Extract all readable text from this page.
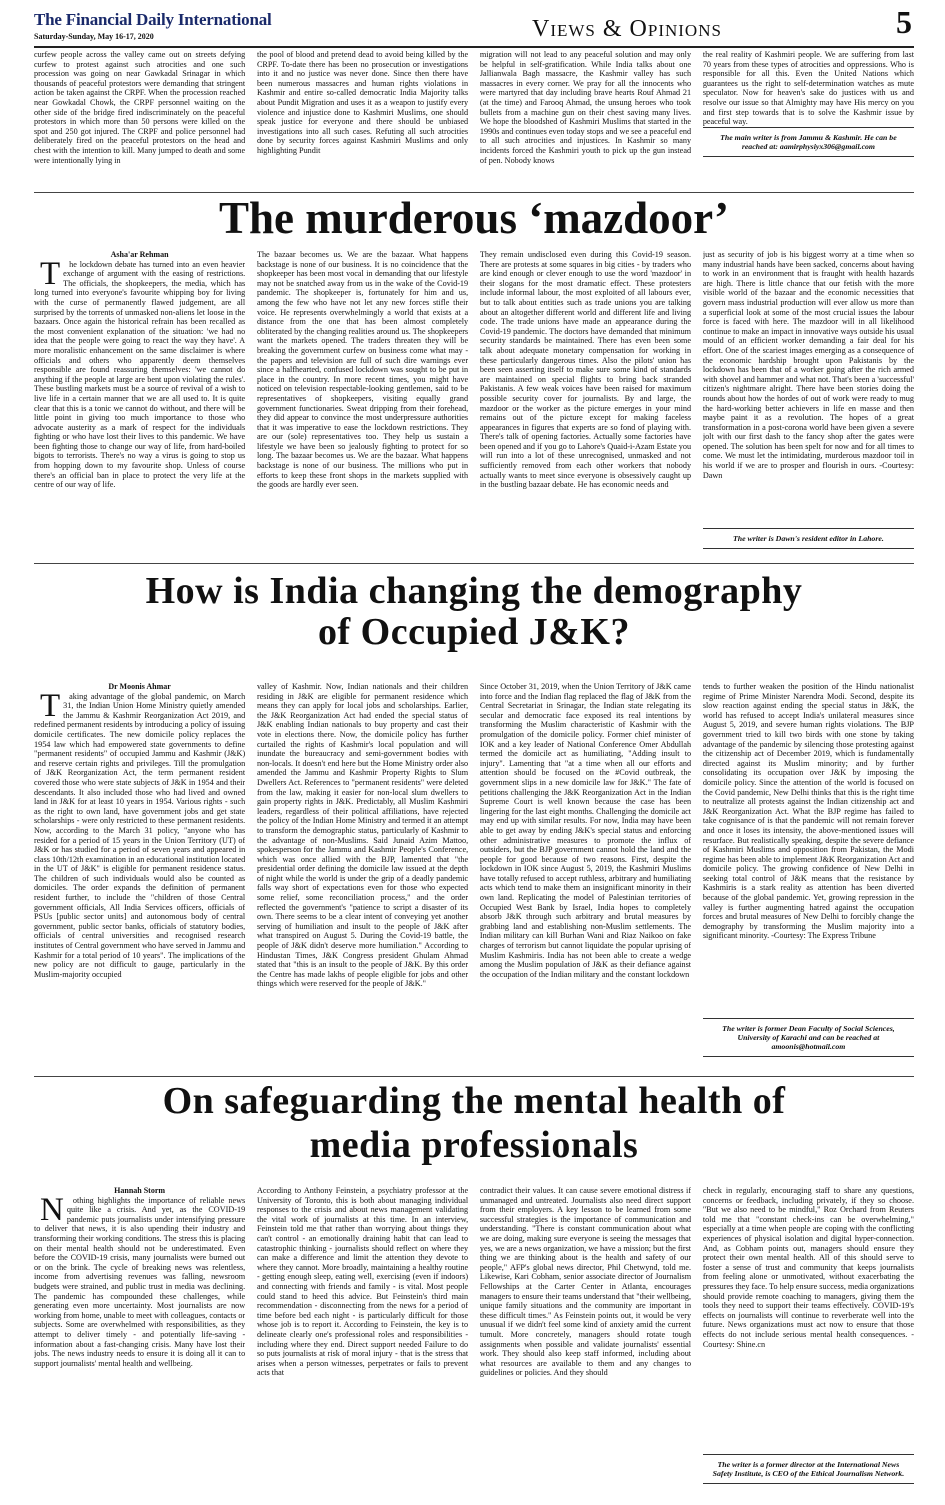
The Financial Daily International
Saturday-Sunday, May 16-17, 2020	Views & Opinions	5

curfew people across the valley came out on streets defying curfew to protest against such atrocities and one such procession was going on near Gawkadal Srinagar in which thousands of peaceful protestors were demanding that stringent action be taken against the CRPF. When the procession reached near Gowkadal Chowk, the CRPF personnel waiting on the other side of the bridge fired indiscriminately on the peaceful protestors in which more than 50 persons were killed on the spot and 250 got injured. The CRPF and police personnel had deliberately fired on the peaceful protestors on the head and chest with the intention to kill. Many jumped to death and some were intentionally lying in

the pool of blood and pretend dead to avoid being killed by the CRPF. To-date there has been no prosecution or investigations into it and no justice was never done. Since then there have been numerous massacres and human rights violations in Kashmir and entire so-called democratic India Majority talks about Pundit Migration and uses it as a weapon to justify every violence and injustice done to Kashmiri Muslims, one should speak justice for everyone and there should be unbiased investigations into all such cases. Refuting all such atrocities done by security forces against Kashmiri Muslims and only highlighting Pundit

migration will not lead to any peaceful solution and may only be helpful in self-gratification. While India talks about one Jallianwala Bagh massacre, the Kashmir valley has such massacres in every corner. We pray for all the innocents who were martyred that day including brave hearts Rouf Ahmad 21 (at the time) and Farooq Ahmad, the unsung heroes who took bullets from a machine gun on their chest saving many lives. We hope the bloodshed of Kashmiri Muslims that started in the 1990s and continues even today stops and we see a peaceful end to all such atrocities and injustices. In Kashmir so many incidents forced the Kashmiri youth to pick up the gun instead of pen. Nobody knows

the real reality of Kashmiri people. We are suffering from last 70 years from these types of atrocities and oppressions. Who is responsible for all this. Even the United Nations which guarantees us the right to self-determination watches as mute speculator. Now for heaven's sake do justices with us and resolve our issue so that Almighty may have His mercy on you and first step towards that is to solve the Kashmir issue by peaceful way.

The main writer is from Jammu & Kashmir. He can be reached at: aamirphysiyx306@gmail.com

The murderous ‘mazdoor’

Asha'ar Rehman

T he lockdown debate has turned into an even heavier exchange of argument with the easing of restrictions. The officials, the shopkeepers, the media, which has long turned into everyone's favourite whipping boy for living with the curse of permanently flawed judgement, are all surprised by the torrents of unmasked non-aliens let loose in the bazaars. Once again the historical refrain has been recalled as the most convenient explanation of the situation: 'we had no idea that the people were going to react the way they have'. A more moralistic enhancement on the same disclaimer is where officials and others who apparently deem themselves responsible are found reassuring themselves: 'we cannot do anything if the people at large are bent upon violating the rules'. These bustling markets must be a source of revival of a wish to live life in a certain manner that we are all used to. It is quite clear that this is a tonic we cannot do without, and there will be little point in giving too much importance to those who advocate austerity as a mark of respect for the individuals fighting or who have lost their lives to this pandemic. We have been fighting those to change our way of life, from hard-boiled bigots to terrorists. There's no way a virus is going to stop us from hopping down to my favourite shop. Unless of course there's an official ban in place to protect the very life at the centre of our way of life.

The bazaar becomes us. We are the bazaar. What happens backstage is none of our business. It is no coincidence that the shopkeeper has been most vocal in demanding that our lifestyle may not be snatched away from us in the wake of the Covid-19 pandemic. The shopkeeper is, fortunately for him and us, among the few who have not let any new forces stifle their voice. He represents overwhelmingly a world that exists at a distance from the one that has been almost completely obliterated by the changing realities around us. The shopkeepers want the markets opened. The traders threaten they will be breaking the government curfew on business come what may - the papers and television are full of such dire warnings ever since a halfhearted, confused lockdown was sought to be put in place in the country. In more recent times, you might have noticed on television respectable-looking gentlemen, said to be representatives of shopkeepers, visiting equally grand government functionaries. Sweat dripping from their forehead, they did appear to convince the most underpressure authorities that it was imperative to ease the lockdown restrictions. They are our (sole) representatives too. They help us sustain a lifestyle we have been so jealously fighting to protect for so long. The bazaar becomes us. We are the bazaar. What happens backstage is none of our business. The millions who put in efforts to keep these front shops in the markets supplied with the goods are hardly ever seen.

They remain undisclosed even during this Covid-19 season. There are protests at some squares in big cities - by traders who are kind enough or clever enough to use the word 'mazdoor' in their slogans for the most dramatic effect. These protesters include informal labour, the most exploited of all labours ever, but to talk about entities such as trade unions you are talking about an altogether different world and different life and living code. The trade unions have made an appearance during the Covid-19 pandemic. The doctors have demanded that minimum security standards be maintained. There has even been some talk about adequate monetary compensation for working in these particularly dangerous times. Also the pilots' union has been seen asserting itself to make sure some kind of standards are maintained on special flights to bring back stranded Pakistanis. A few weak voices have been raised for maximum possible security cover for journalists. By and large, the mazdoor or the worker as the picture emerges in your mind remains out of the picture except for making faceless appearances in figures that experts are so fond of playing with. There's talk of opening factories. Actually some factories have been opened and if you go to Lahore's Quaid-i-Azam Estate you will run into a lot of these unrecognised, unmasked and not sufficiently removed from each other workers that nobody actually wants to meet since everyone is obsessively caught up in the bustling bazaar debate. He has economic needs and

just as security of job is his biggest worry at a time when so many industrial hands have been sacked, concerns about having to work in an environment that is fraught with health hazards are high. There is little chance that our fetish with the more visible world of the bazaar and the economic necessities that govern mass industrial production will ever allow us more than a superficial look at some of the most crucial issues the labour force is faced with here. The mazdoor will in all likelihood continue to make an impact in innovative ways outside his usual mould of an efficient worker demanding a fair deal for his effort. One of the scariest images emerging as a consequence of the economic hardship brought upon Pakistanis by the lockdown has been that of a worker going after the rich armed with shovel and hammer and what not. That's been a 'successful' citizen's nightmare alright. There have been stories doing the rounds about how the hordes of out of work were ready to mug the hard-working better achievers in life en masse and then maybe paint it as a revolution. The hopes of a great transformation in a post-corona world have been given a severe jolt with our first dash to the fancy shop after the gates were opened. The solution has been spelt for now and for all times to come. We must let the intimidating, murderous mazdoor toil in his world if we are to prosper and flourish in ours. -Courtesy: Dawn

The writer is Dawn's resident editor in Lahore.

How is India changing the demography
of Occupied J&K?

Dr Moonis Ahmar

T aking advantage of the global pandemic, on March 31, the Indian Union Home Ministry quietly amended the Jammu & Kashmir Reorganization Act 2019, and redefined permanent residents by introducing a policy of issuing domicile certificates. The new domicile policy replaces the 1954 law which had empowered state governments to define "permanent residents" of occupied Jammu and Kashmir (J&K) and reserve certain rights and privileges. Till the promulgation of J&K Reorganization Act, the term permanent resident covered those who were state subjects of J&K in 1954 and their descendants. It also included those who had lived and owned land in J&K for at least 10 years in 1954. Various rights - such as the right to own land, have government jobs and get state scholarships - were only restricted to these permanent residents. Now, according to the March 31 policy, "anyone who has resided for a period of 15 years in the Union Territory (UT) of J&K or has studied for a period of seven years and appeared in class 10th/12th examination in an educational institution located in the UT of J&K" is eligible for permanent residence status. The children of such individuals would also be counted as domiciles. The order expands the definition of permanent resident further, to include the "children of those Central government officials, All India Services officers, officials of PSUs [public sector units] and autonomous body of central government, public sector banks, officials of statutory bodies, officials of central universities and recognised research institutes of Central government who have served in Jammu and Kashmir for a total period of 10 years". The implications of the new policy are not difficult to gauge, particularly in the Muslim-majority occupied

valley of Kashmir. Now, Indian nationals and their children residing in J&K are eligible for permanent residence which means they can apply for local jobs and scholarships. Earlier, the J&K Reorganization Act had ended the special status of J&K enabling Indian nationals to buy property and cast their vote in elections there. Now, the domicile policy has further curtailed the rights of Kashmir's local population and will inundate the bureaucracy and semi-government bodies with non-locals. It doesn't end here but the Home Ministry order also amended the Jammu and Kashmir Property Rights to Slum Dwellers Act. References to "permanent residents" were deleted from the law, making it easier for non-local slum dwellers to gain property rights in J&K. Predictably, all Muslim Kashmiri leaders, regardless of their political affiliations, have rejected the policy of the Indian Home Ministry and termed it an attempt to transform the demographic status, particularly of Kashmir to the advantage of non-Muslims. Said Junaid Azim Mattoo, spokesperson for the Jammu and Kashmir People's Conference, which was once allied with the BJP, lamented that "the presidential order defining the domicile law issued at the depth of night while the world is under the grip of a deadly pandemic falls way short of expectations even for those who expected some relief, some reconciliation process," and the order reflected the government's "patience to script a disaster of its own. There seems to be a clear intent of conveying yet another serving of humiliation and insult to the people of J&K after what transpired on August 5. During the Covid-19 battle, the people of J&K didn't deserve more humiliation." According to Hindustan Times, J&K Congress president Ghulam Ahmad stated that "this is an insult to the people of J&K. By this order the Centre has made lakhs of people eligible for jobs and other things which were reserved for the people of J&K."

Since October 31, 2019, when the Union Territory of J&K came into force and the Indian flag replaced the flag of J&K from the Central Secretariat in Srinagar, the Indian state relegating its secular and democratic face exposed its real intentions by transforming the Muslim characteristic of Kashmir with the promulgation of the domicile policy. Former chief minister of IOK and a key leader of National Conference Omer Abdullah termed the domicile act as humiliating, "Adding insult to injury". Lamenting that "at a time when all our efforts and attention should be focused on the #Covid outbreak, the government slips in a new domicile law for J&K." The fate of petitions challenging the J&K Reorganization Act in the Indian Supreme Court is well known because the case has been lingering for the last eight months. Challenging the domicile act may end up with similar results. For now, India may have been able to get away by ending J&K's special status and enforcing other administrative measures to promote the influx of outsiders, but the BJP government cannot hold the land and the people for good because of two reasons. First, despite the lockdown in IOK since August 5, 2019, the Kashmiri Muslims have totally refused to accept ruthless, arbitrary and humiliating acts which tend to make them an insignificant minority in their own land. Replicating the model of Palestinian territories of Occupied West Bank by Israel, India hopes to completely absorb J&K through such arbitrary and brutal measures by grabbing land and establishing non-Muslim settlements. The Indian military can kill Burhan Wani and Riaz Naikoo on fake charges of terrorism but cannot liquidate the popular uprising of Muslim Kashmiris. India has not been able to create a wedge among the Muslim population of J&K as their defiance against the occupation of the Indian military and the constant lockdown

tends to further weaken the position of the Hindu nationalist regime of Prime Minister Narendra Modi. Second, despite its slow reaction against ending the special status in J&K, the world has refused to accept India's unilateral measures since August 5, 2019, and severe human rights violations. The BJP government tried to kill two birds with one stone by taking advantage of the pandemic by silencing those protesting against the citizenship act of December 2019, which is fundamentally directed against its Muslim minority; and by further consolidating its occupation over J&K by imposing the domicile policy. Since the attention of the world is focused on the Covid pandemic, New Delhi thinks that this is the right time to neutralize all protests against the Indian citizenship act and J&K Reorganization Act. What the BJP regime has failed to take cognisance of is that the pandemic will not remain forever and once it loses its intensity, the above-mentioned issues will resurface. But realistically speaking, despite the severe defiance of Kashmiri Muslims and opposition from Pakistan, the Modi regime has been able to implement J&K Reorganization Act and domicile policy. The growing confidence of New Delhi in seeking total control of J&K means that the resistance by Kashmiris is a stark reality as attention has been diverted because of the global pandemic. Yet, growing repression in the valley is further augmenting hatred against the occupation forces and brutal measures of New Delhi to forcibly change the demography by transforming the Muslim majority into a significant minority. -Courtesy: The Express Tribune

The writer is former Dean Faculty of Social Sciences, University of Karachi and can be reached at amoonis@hotmail.com

On safeguarding the mental health of
media professionals

Hannah Storm

N othing highlights the importance of reliable news quite like a crisis. And yet, as the COVID-19 pandemic puts journalists under intensifying pressure to deliver that news, it is also upending their industry and transforming their working conditions. The stress this is placing on their mental health should not be underestimated. Even before the COVID-19 crisis, many journalists were burned out or on the brink. The cycle of breaking news was relentless, income from advertising revenues was falling, newsroom budgets were strained, and public trust in media was declining. The pandemic has compounded these challenges, while generating even more uncertainty. Most journalists are now working from home, unable to meet with colleagues, contacts or subjects. Some are overwhelmed with responsibilities, as they attempt to deliver timely - and potentially life-saving - information about a fast-changing crisis. Many have lost their jobs. The news industry needs to ensure it is doing all it can to support journalists' mental health and wellbeing.

According to Anthony Feinstein, a psychiatry professor at the University of Toronto, this is both about managing individual responses to the crisis and about news management validating the vital work of journalists at this time. In an interview, Feinstein told me that rather than worrying about things they can't control - an emotionally draining habit that can lead to catastrophic thinking - journalists should reflect on where they can make a difference and limit the attention they devote to where they cannot. More broadly, maintaining a healthy routine - getting enough sleep, eating well, exercising (even if indoors) and connecting with friends and family - is vital. Most people could stand to heed this advice. But Feinstein's third main recommendation - disconnecting from the news for a period of time before bed each night - is particularly difficult for those whose job is to report it. According to Feinstein, the key is to delineate clearly one's professional roles and responsibilities - including where they end. Direct support needed Failure to do so puts journalists at risk of moral injury - that is the stress that arises when a person witnesses, perpetrates or fails to prevent acts that

contradict their values. It can cause severe emotional distress if unmanaged and untreated. Journalists also need direct support from their employers. A key lesson to be learned from some successful strategies is the importance of communication and understanding. "There is constant communication about what we are doing, making sure everyone is seeing the messages that yes, we are a news organization, we have a mission; but the first thing we are thinking about is the health and safety of our people," AFP's global news director, Phil Chetwynd, told me. Likewise, Kari Cobham, senior associate director of Journalism Fellowships at the Carter Center in Atlanta, encourages managers to ensure their teams understand that "their wellbeing, unique family situations and the community are important in these difficult times." As Feinstein points out, it would be very unusual if we didn't feel some kind of anxiety amid the current tumult. More concretely, managers should rotate tough assignments when possible and validate journalists' essential work. They should also keep staff informed, including about what resources are available to them and any changes to guidelines or policies. And they should

check in regularly, encouraging staff to share any questions, concerns or feedback, including privately, if they so choose. "But we also need to be mindful," Roz Orchard from Reuters told me that "constant check-ins can be overwhelming," especially at a time when people are coping with the conflicting experiences of physical isolation and digital hyper-connection. And, as Cobham points out, managers should ensure they protect their own mental health. All of this should serve to foster a sense of trust and community that keeps journalists from feeling alone or unmotivated, without exacerbating the pressures they face. To help ensure success, media organizations should provide remote coaching to managers, giving them the tools they need to support their teams effectively. COVID-19's effects on journalists will continue to reverberate well into the future. News organizations must act now to ensure that those effects do not include serious mental health consequences. -Courtesy: Shine.cn

The writer is a former director at the International News Safety Institute, is CEO of the Ethical Journalism Network.
